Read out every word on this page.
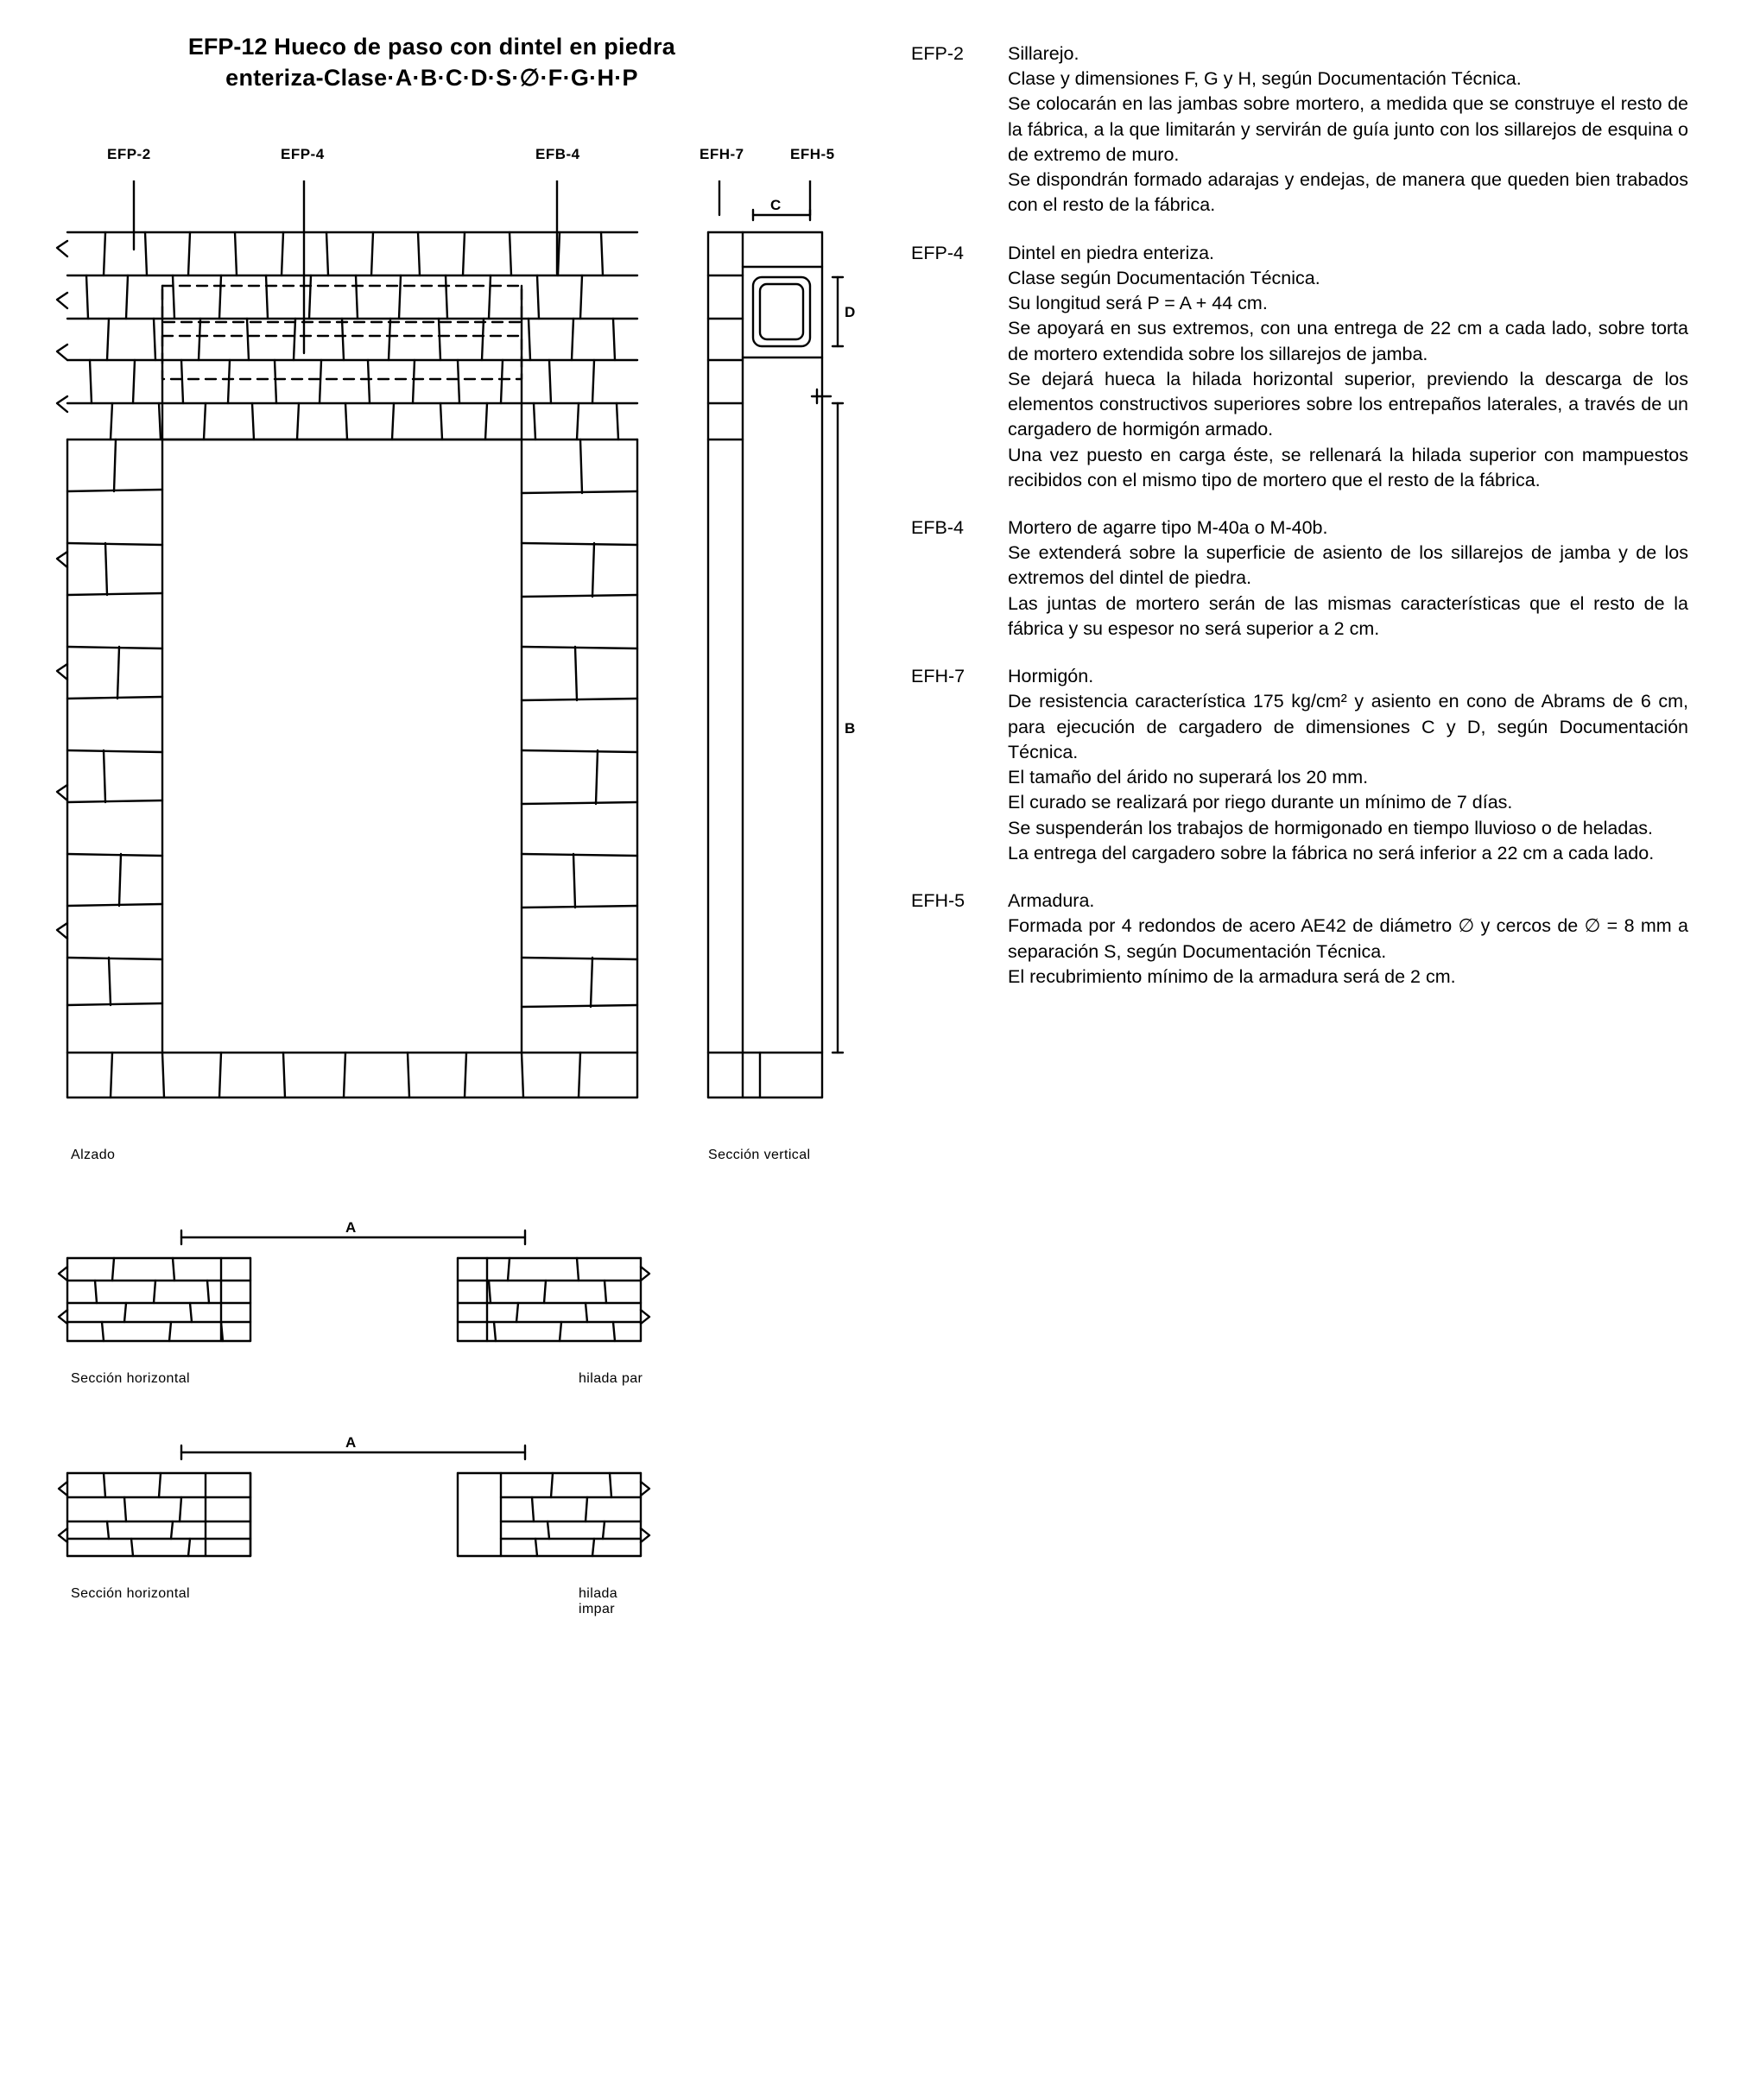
EFP-12 Hueco de paso con dintel en piedra
enteriza-Clase·A·B·C·D·S·∅·F·G·H·P
EFP-2	EFP-4	EFB-4	EFH-7	EFH-5
C
D
B
Alzado	Sección vertical
A
Sección horizontal	hilada par
A
Sección horizontal	hilada impar
EFP-2	Sillarejo.

Clase y dimensiones F, G y H, según Documentación Técnica.

Se colocarán en las jambas sobre mortero, a medida que se construye el resto de la fábrica, a la que limitarán y servirán de guía junto con los sillarejos de esquina o de extremo de muro.

Se dispondrán formado adarajas y endejas, de manera que queden bien trabados con el resto de la fábrica.

EFP-4	Dintel en piedra enteriza.

Clase según Documentación Técnica.

Su longitud será P = A + 44 cm.

Se apoyará en sus extremos, con una entrega de 22 cm a cada lado, sobre torta de mortero extendida sobre los sillarejos de jamba.

Se dejará hueca la hilada horizontal superior, previendo la descarga de los elementos constructivos superiores sobre los entrepaños laterales, a través de un cargadero de hormigón armado.

Una vez puesto en carga éste, se rellenará la hilada superior con mampuestos recibidos con el mismo tipo de mortero que el resto de la fábrica.

EFB-4	Mortero de agarre tipo M-40a o M-40b.

Se extenderá sobre la superficie de asiento de los sillarejos de jamba y de los extremos del dintel de piedra.

Las juntas de mortero serán de las mismas características que el resto de la fábrica y su espesor no será superior a 2 cm.

EFH-7	Hormigón.

De resistencia característica 175 kg/cm² y asiento en cono de Abrams de 6 cm, para ejecución de cargadero de dimensiones C y D, según Documentación Técnica.

El tamaño del árido no superará los 20 mm.

El curado se realizará por riego durante un mínimo de 7 días.

Se suspenderán los trabajos de hormigonado en tiempo lluvioso o de heladas.

La entrega del cargadero sobre la fábrica no será inferior a 22 cm a cada lado.

EFH-5	Armadura.

Formada por 4 redondos de acero AE42 de diámetro ∅ y cercos de ∅ = 8 mm a separación S, según Documentación Técnica.

El recubrimiento mínimo de la armadura será de 2 cm.
